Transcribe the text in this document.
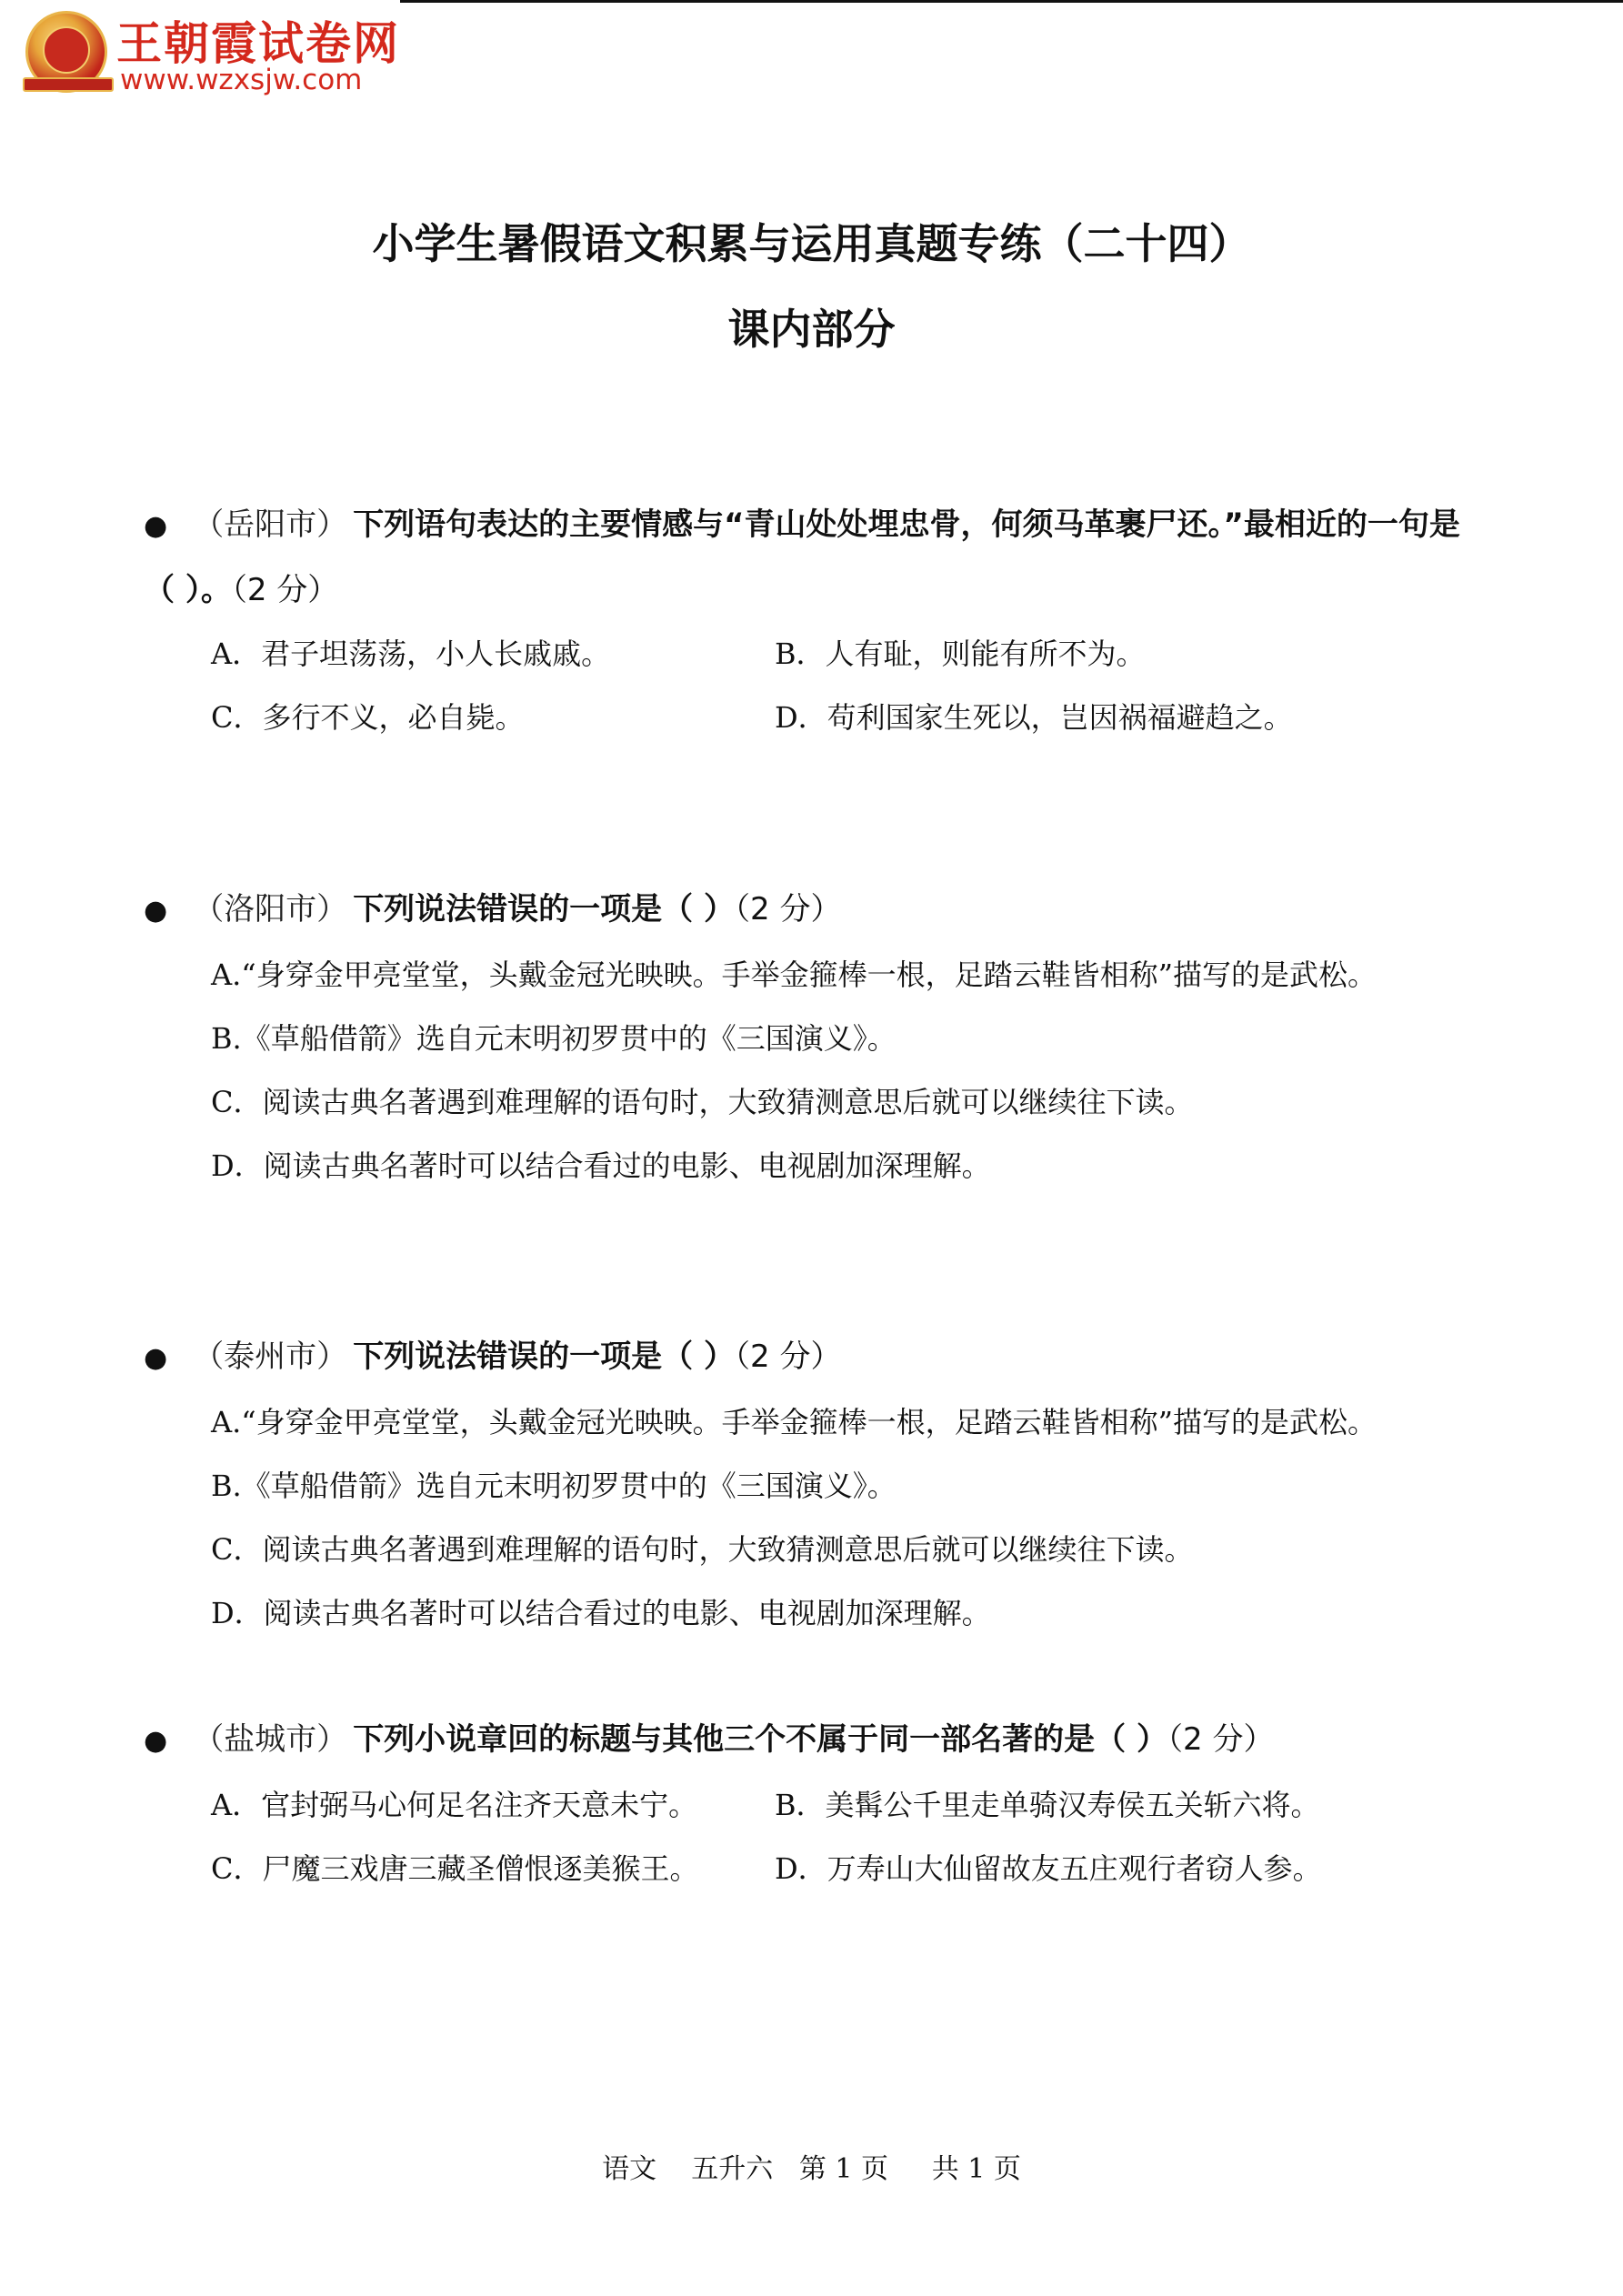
王朝霞试卷网
www.wzxsjw.com
小学生暑假语文积累与运用真题专练（二十四）
课内部分

● （岳阳市） 下列语句表达的主要情感与“青山处处埋忠骨，何须马革裹尸还。”最相近的一句是（ ）。（2 分）

A．君子坦荡荡，小人长戚戚。	B．人有耻，则能有所不为。
C．多行不义，必自毙。	D．苟利国家生死以，岂因祸福避趋之。

● （洛阳市） 下列说法错误的一项是（ ）（2 分）

A.“身穿金甲亮堂堂，头戴金冠光映映。手举金箍棒一根，足踏云鞋皆相称”描写的是武松。
B.《草船借箭》选自元末明初罗贯中的《三国演义》。
C．阅读古典名著遇到难理解的语句时，大致猜测意思后就可以继续往下读。
D．阅读古典名著时可以结合看过的电影、电视剧加深理解。

● （泰州市） 下列说法错误的一项是（ ）（2 分）

A.“身穿金甲亮堂堂，头戴金冠光映映。手举金箍棒一根，足踏云鞋皆相称”描写的是武松。
B.《草船借箭》选自元末明初罗贯中的《三国演义》。
C．阅读古典名著遇到难理解的语句时，大致猜测意思后就可以继续往下读。
D．阅读古典名著时可以结合看过的电影、电视剧加深理解。

● （盐城市） 下列小说章回的标题与其他三个不属于同一部名著的是（ ）（2 分）

A．官封弼马心何足名注齐天意未宁。	B．美髯公千里走单骑汉寿侯五关斩六将。
C．尸魔三戏唐三藏圣僧恨逐美猴王。	D．万寿山大仙留故友五庄观行者窃人参。
语文 五升六 第 1 页 共 1 页
